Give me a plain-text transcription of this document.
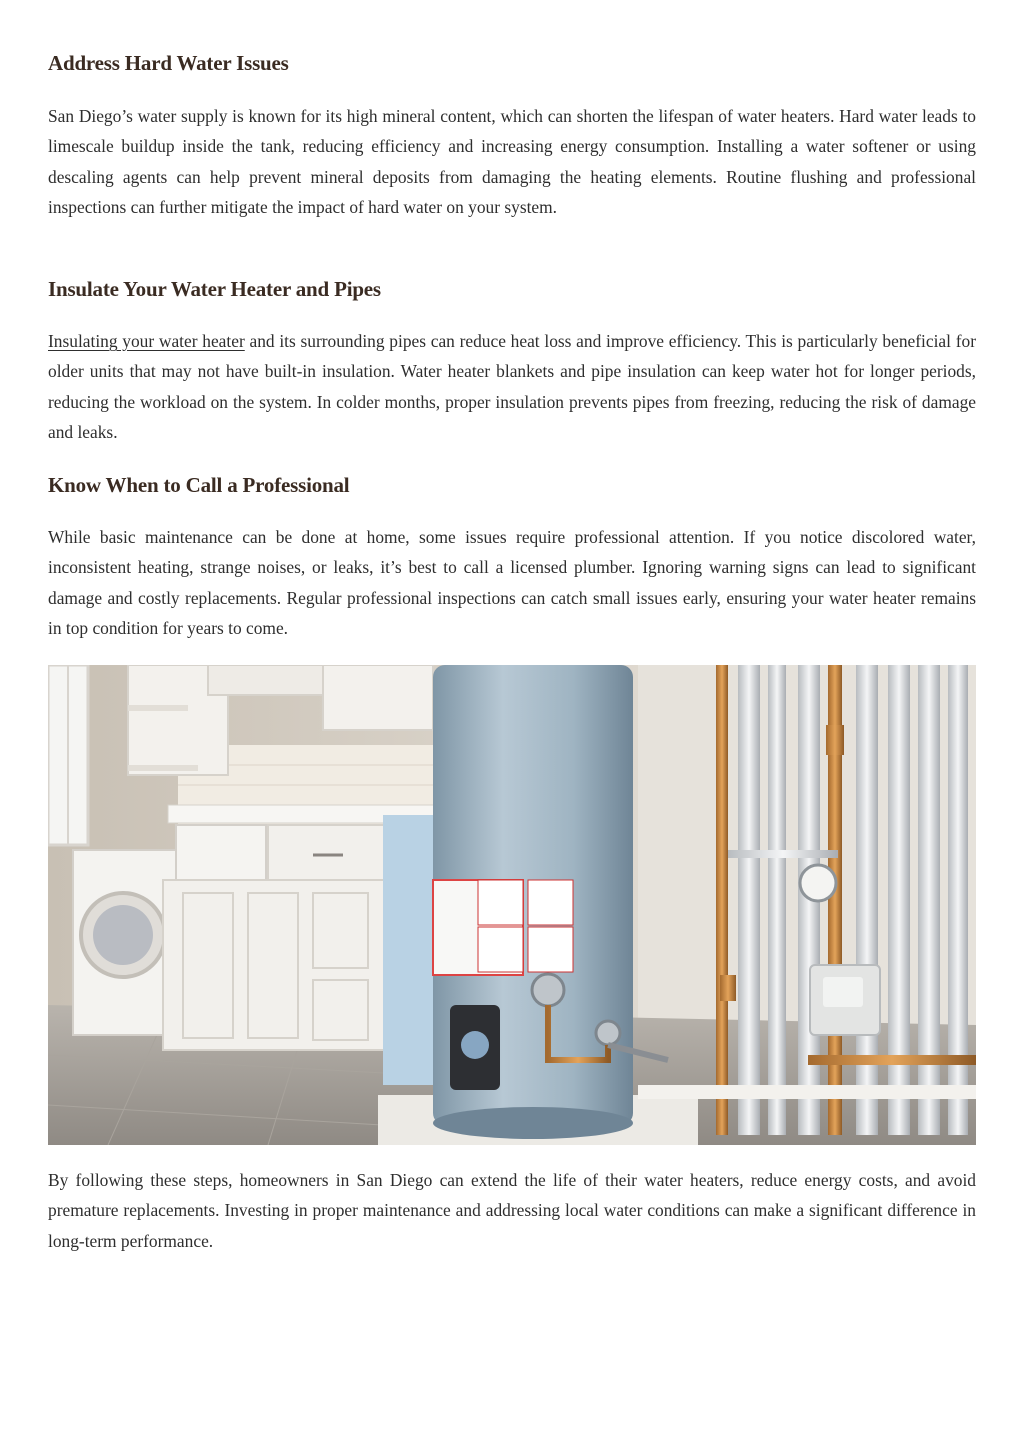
Address Hard Water Issues

San Diego’s water supply is known for its high mineral content, which can shorten the lifespan of water heaters. Hard water leads to limescale buildup inside the tank, reducing efficiency and increasing energy consumption. Installing a water softener or using descaling agents can help prevent mineral deposits from damaging the heating elements. Routine flushing and professional inspections can further mitigate the impact of hard water on your system.

Insulate Your Water Heater and Pipes

Insulating your water heater and its surrounding pipes can reduce heat loss and improve efficiency. This is particularly beneficial for older units that may not have built-in insulation. Water heater blankets and pipe insulation can keep water hot for longer periods, reducing the workload on the system. In colder months, proper insulation prevents pipes from freezing, reducing the risk of damage and leaks.

Know When to Call a Professional

While basic maintenance can be done at home, some issues require professional attention. If you notice discolored water, inconsistent heating, strange noises, or leaks, it’s best to call a licensed plumber. Ignoring warning signs can lead to significant damage and costly replacements. Regular professional inspections can catch small issues early, ensuring your water heater remains in top condition for years to come.

By following these steps, homeowners in San Diego can extend the life of their water heaters, reduce energy costs, and avoid premature replacements. Investing in proper maintenance and addressing local water conditions can make a significant difference in long-term performance.
